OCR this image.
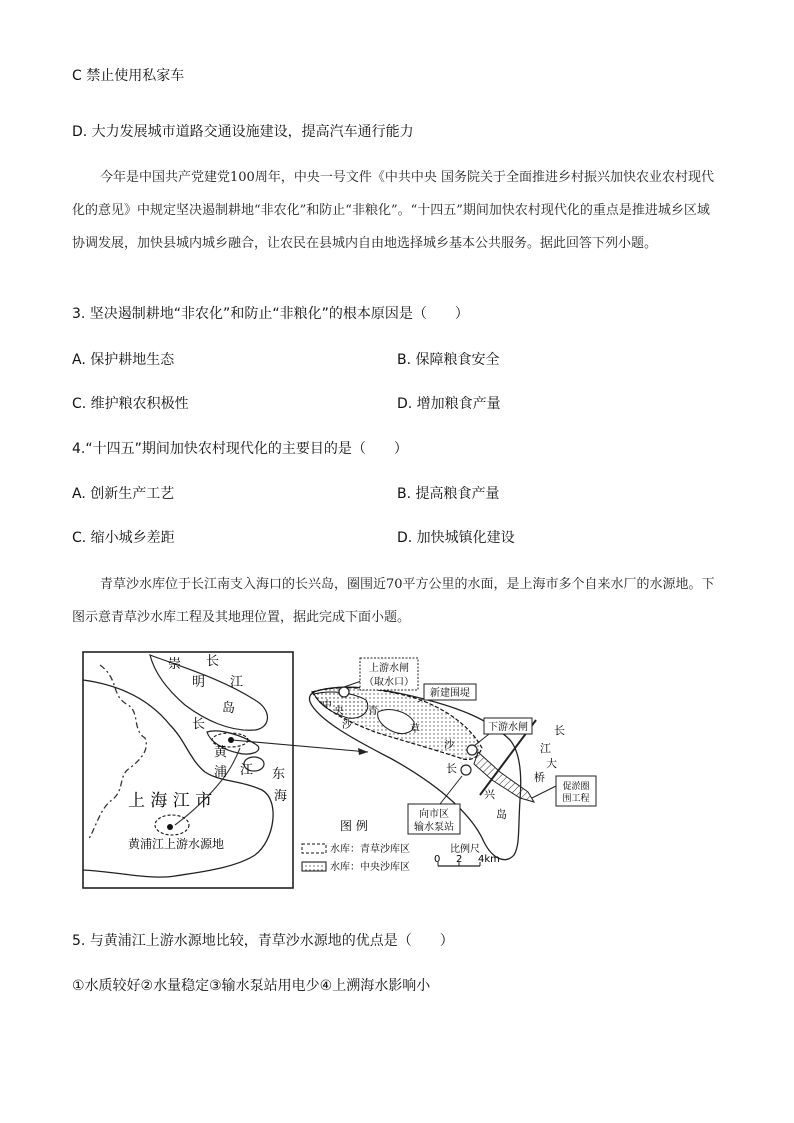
C 禁止使用私家车
D. 大力发展城市道路交通设施建设，提高汽车通行能力
今年是中国共产党建党100周年，中央一号文件《中共中央 国务院关于全面推进乡村振兴加快农业农村现代化的意见》中规定坚决遏制耕地“非农化”和防止“非粮化”。“十四五”期间加快农村现代化的重点是推进城乡区域协调发展，加快县城内城乡融合，让农民在县城内自由地选择城乡基本公共服务。据此回答下列小题。
3. 坚决遏制耕地“非农化”和防止“非粮化”的根本原因是（　　）
A. 保护耕地生态	B. 保障粮食安全
C. 维护粮农积极性	D. 增加粮食产量
4.“十四五”期间加快农村现代化的主要目的是（　　）
A. 创新生产工艺	B. 提高粮食产量
C. 缩小城乡差距	D. 加快城镇化建设
青草沙水库位于长江南支入海口的长兴岛，圈围近70平方公里的水面，是上海市多个自来水厂的水源地。下图示意青草沙水库工程及其地理位置，据此完成下面小题。
崇
明
岛
长
江
长
黄
浦 江 东
海
上 海 江 市
黄浦江上游水源地
上游水闸
（取水口）
新建围堤
下游水闸
促淤圈
围工程
向市区
输水泵站
中
央
沙
青
草
沙
长
兴
岛
长
江
大
桥
图 例
水库：青草沙库区
水库：中央沙库区
比例尺
0 2 4km
5. 与黄浦江上游水源地比较，青草沙水源地的优点是（　　）
①水质较好②水量稳定③输水泵站用电少④上溯海水影响小
